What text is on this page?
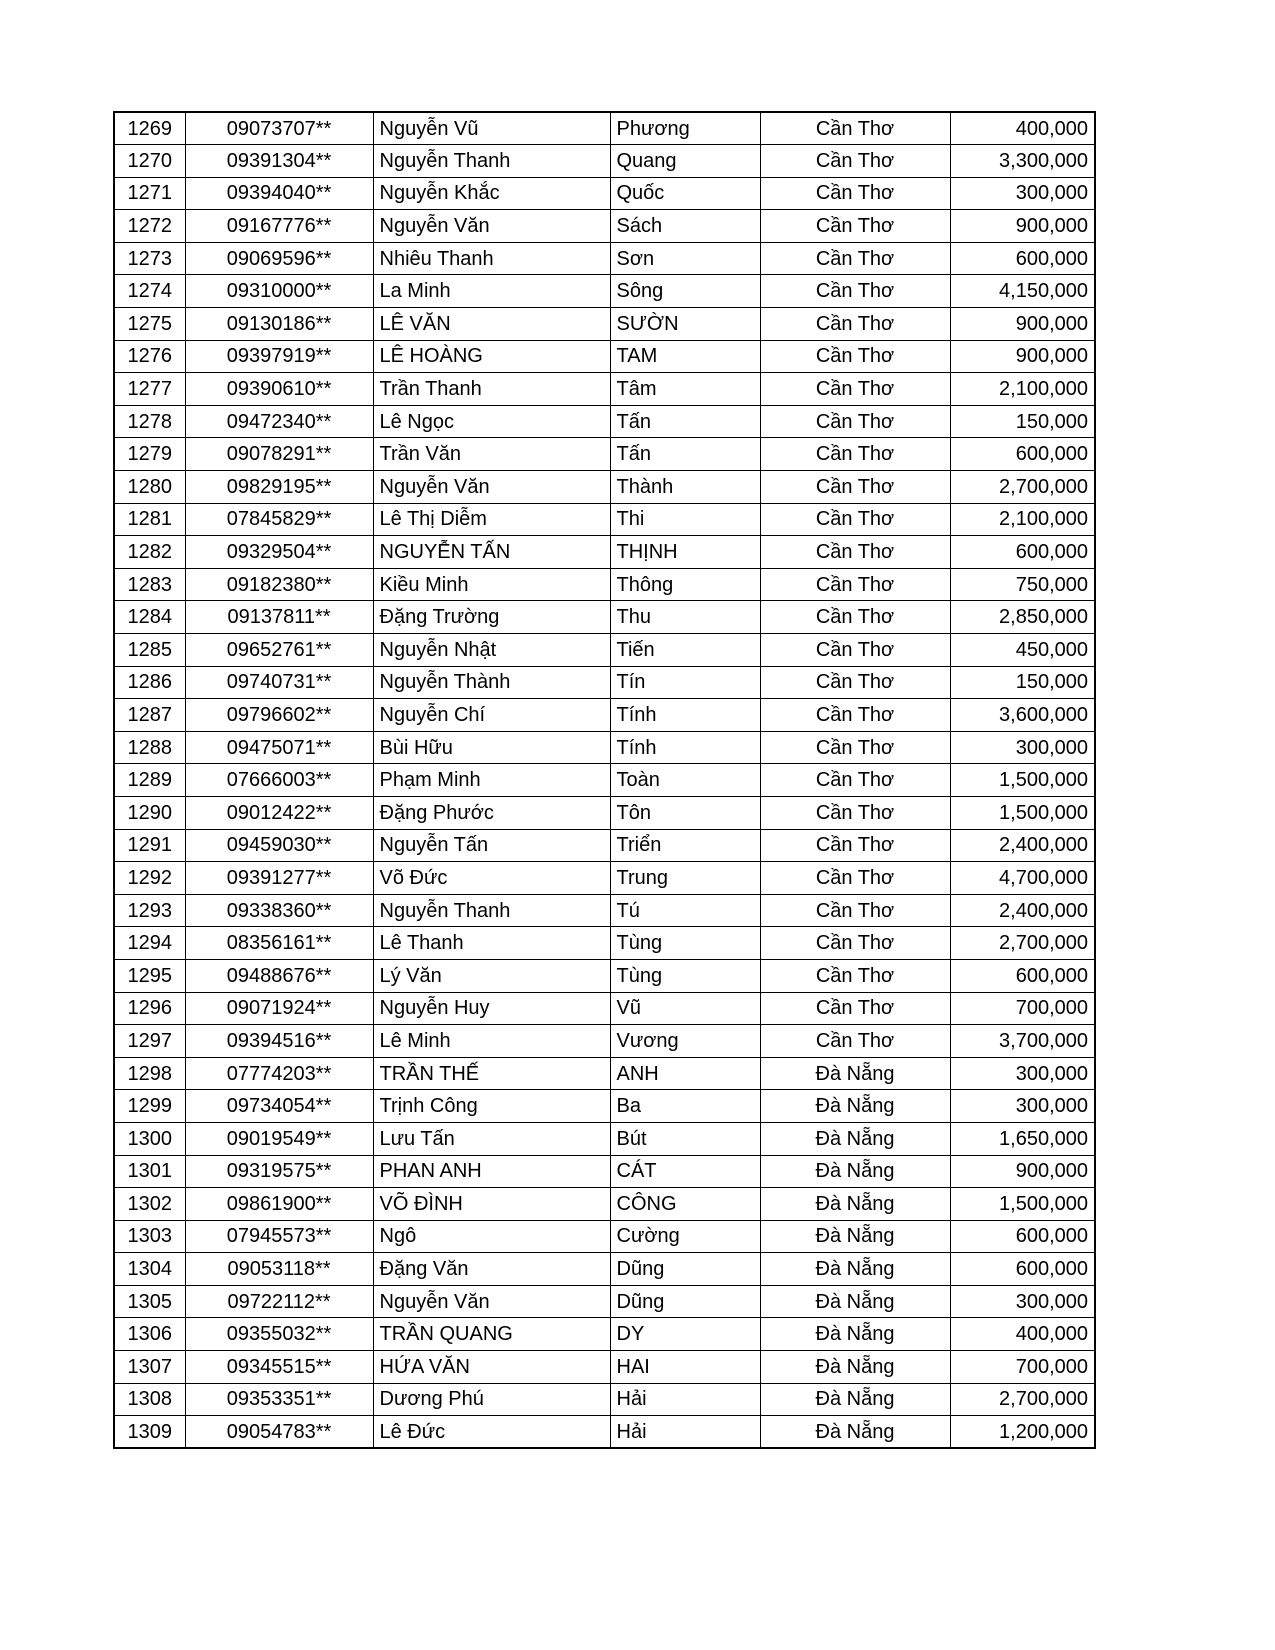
1269	09073707**	Nguyễn Vũ	Phương	Cần Thơ	400,000
1270	09391304**	Nguyễn Thanh	Quang	Cần Thơ	3,300,000
1271	09394040**	Nguyễn Khắc	Quốc	Cần Thơ	300,000
1272	09167776**	Nguyễn Văn	Sách	Cần Thơ	900,000
1273	09069596**	Nhiêu Thanh	Sơn	Cần Thơ	600,000
1274	09310000**	La Minh	Sông	Cần Thơ	4,150,000
1275	09130186**	LÊ VĂN	SƯỜN	Cần Thơ	900,000
1276	09397919**	LÊ HOÀNG	TAM	Cần Thơ	900,000
1277	09390610**	Trần Thanh	Tâm	Cần Thơ	2,100,000
1278	09472340**	Lê Ngọc	Tấn	Cần Thơ	150,000
1279	09078291**	Trần Văn	Tấn	Cần Thơ	600,000
1280	09829195**	Nguyễn Văn	Thành	Cần Thơ	2,700,000
1281	07845829**	Lê Thị Diễm	Thi	Cần Thơ	2,100,000
1282	09329504**	NGUYỄN TẤN	THỊNH	Cần Thơ	600,000
1283	09182380**	Kiều Minh	Thông	Cần Thơ	750,000
1284	09137811**	Đặng Trường	Thu	Cần Thơ	2,850,000
1285	09652761**	Nguyễn Nhật	Tiến	Cần Thơ	450,000
1286	09740731**	Nguyễn Thành	Tín	Cần Thơ	150,000
1287	09796602**	Nguyễn Chí	Tính	Cần Thơ	3,600,000
1288	09475071**	Bùi Hữu	Tính	Cần Thơ	300,000
1289	07666003**	Phạm Minh	Toàn	Cần Thơ	1,500,000
1290	09012422**	Đặng Phước	Tôn	Cần Thơ	1,500,000
1291	09459030**	Nguyễn Tấn	Triển	Cần Thơ	2,400,000
1292	09391277**	Võ Đức	Trung	Cần Thơ	4,700,000
1293	09338360**	Nguyễn Thanh	Tú	Cần Thơ	2,400,000
1294	08356161**	Lê Thanh	Tùng	Cần Thơ	2,700,000
1295	09488676**	Lý Văn	Tùng	Cần Thơ	600,000
1296	09071924**	Nguyễn Huy	Vũ	Cần Thơ	700,000
1297	09394516**	Lê Minh	Vương	Cần Thơ	3,700,000
1298	07774203**	TRẦN THẾ	ANH	Đà Nẵng	300,000
1299	09734054**	Trịnh Công	Ba	Đà Nẵng	300,000
1300	09019549**	Lưu Tấn	Bút	Đà Nẵng	1,650,000
1301	09319575**	PHAN ANH	CÁT	Đà Nẵng	900,000
1302	09861900**	VÕ ĐÌNH	CÔNG	Đà Nẵng	1,500,000
1303	07945573**	Ngô	Cường	Đà Nẵng	600,000
1304	09053118**	Đặng Văn	Dũng	Đà Nẵng	600,000
1305	09722112**	Nguyễn Văn	Dũng	Đà Nẵng	300,000
1306	09355032**	TRẦN QUANG	DY	Đà Nẵng	400,000
1307	09345515**	HỨA VĂN	HAI	Đà Nẵng	700,000
1308	09353351**	Dương Phú	Hải	Đà Nẵng	2,700,000
1309	09054783**	Lê Đức	Hải	Đà Nẵng	1,200,000
